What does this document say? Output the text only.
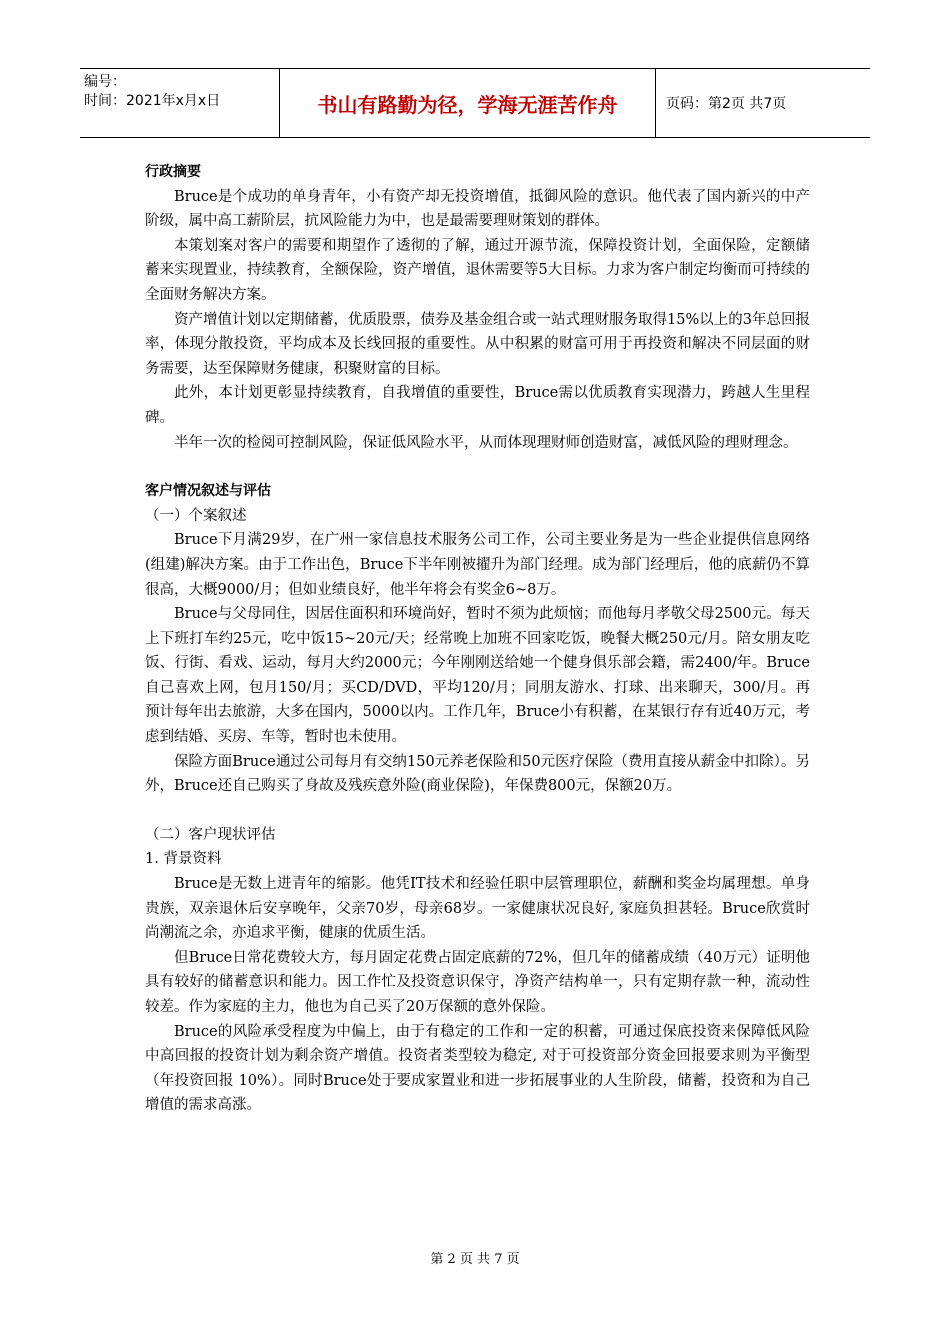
编号：
时间：2021年x月x日	书山有路勤为径，学海无涯苦作舟	页码：第2页 共7页

行政摘要

Bruce是个成功的单身青年，小有资产却无投资增值，抵御风险的意识。他代表了国内新兴的中产阶级，属中高工薪阶层，抗风险能力为中，也是最需要理财策划的群体。

本策划案对客户的需要和期望作了透彻的了解，通过开源节流，保障投资计划，全面保险，定额储蓄来实现置业，持续教育，全额保险，资产增值，退休需要等5大目标。力求为客户制定均衡而可持续的全面财务解决方案。

资产增值计划以定期储蓄，优质股票，债券及基金组合或一站式理财服务取得15%以上的3年总回报率，体现分散投资，平均成本及长线回报的重要性。从中积累的财富可用于再投资和解决不同层面的财务需要，达至保障财务健康，积聚财富的目标。

此外，本计划更彰显持续教育，自我增值的重要性，Bruce需以优质教育实现潜力，跨越人生里程碑。

半年一次的检阅可控制风险，保证低风险水平，从而体现理财师创造财富，减低风险的理财理念。

客户情况叙述与评估

（一）个案叙述

Bruce下月满29岁，在广州一家信息技术服务公司工作，公司主要业务是为一些企业提供信息网络(组建)解决方案。由于工作出色，Bruce下半年刚被擢升为部门经理。成为部门经理后，他的底薪仍不算很高，大概9000/月；但如业绩良好，他半年将会有奖金6~8万。

Bruce与父母同住，因居住面积和环境尚好，暂时不须为此烦恼；而他每月孝敬父母2500元。每天上下班打车约25元，吃中饭15~20元/天；经常晚上加班不回家吃饭，晚餐大概250元/月。陪女朋友吃饭、行街、看戏、运动，每月大约2000元；今年刚刚送给她一个健身俱乐部会籍，需2400/年。Bruce自己喜欢上网，包月150/月；买CD/DVD，平均120/月；同朋友游水、打球、出来聊天，300/月。再预计每年出去旅游，大多在国内，5000以内。工作几年，Bruce小有积蓄，在某银行存有近40万元，考虑到结婚、买房、车等，暂时也未使用。

保险方面Bruce通过公司每月有交纳150元养老保险和50元医疗保险（费用直接从薪金中扣除）。另外，Bruce还自己购买了身故及残疾意外险(商业保险)，年保费800元，保额20万。

（二）客户现状评估

1. 背景资料

Bruce是无数上进青年的缩影。他凭IT技术和经验任职中层管理职位，薪酬和奖金均属理想。单身贵族，双亲退休后安享晚年，父亲70岁，母亲68岁。一家健康状况良好, 家庭负担甚轻。Bruce欣赏时尚潮流之余，亦追求平衡，健康的优质生活。

但Bruce日常花费较大方，每月固定花费占固定底薪的72%，但几年的储蓄成绩（40万元）证明他具有较好的储蓄意识和能力。因工作忙及投资意识保守，净资产结构单一，只有定期存款一种，流动性较差。作为家庭的主力，他也为自己买了20万保额的意外保险。

Bruce的风险承受程度为中偏上，由于有稳定的工作和一定的积蓄，可通过保底投资来保障低风险中高回报的投资计划为剩余资产增值。投资者类型较为稳定, 对于可投资部分资金回报要求则为平衡型（年投资回报 10%）。同时Bruce处于要成家置业和进一步拓展事业的人生阶段，储蓄，投资和为自己增值的需求高涨。

第 2 页 共 7 页
